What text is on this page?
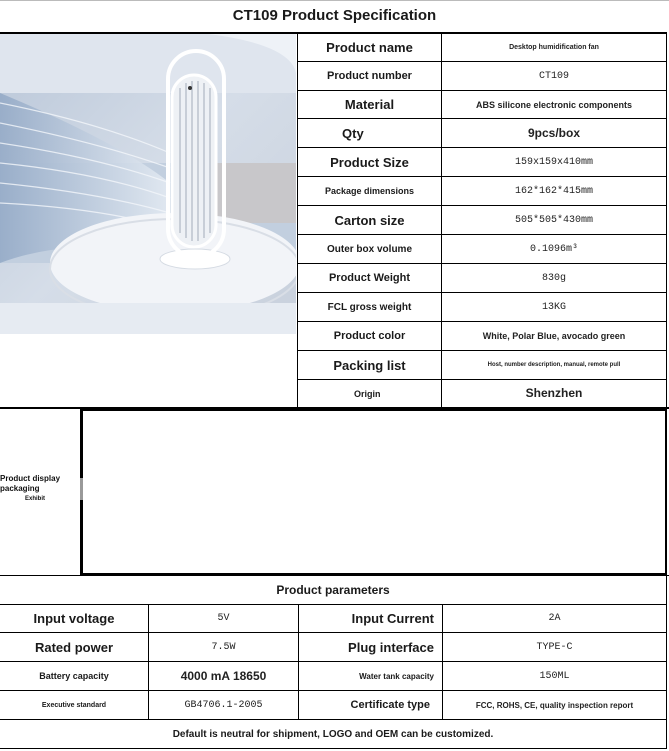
CT109 Product Specification
Product name	Desktop humidification fan
Product number	CT109
Material	ABS silicone electronic components
Qty	9pcs/box
Product Size	159x159x410mm
Package dimensions	162*162*415mm
Carton size	505*505*430mm
Outer box volume	0.1096m³
Product Weight	830g
FCL gross weight	13KG
Product color	White, Polar Blue, avocado green
Packing list	Host, number description, manual, remote pull
Origin	Shenzhen
Product display packaging
Exhibit
Product parameters
Input voltage	5V	Input Current	2A
Rated power	7.5W	Plug interface	TYPE-C
Battery capacity	4000 mA 18650	Water tank capacity	150ML
Executive standard	GB4706.1-2005	Certificate type	FCC, ROHS, CE, quality inspection report
Default is neutral for shipment, LOGO and OEM can be customized.
